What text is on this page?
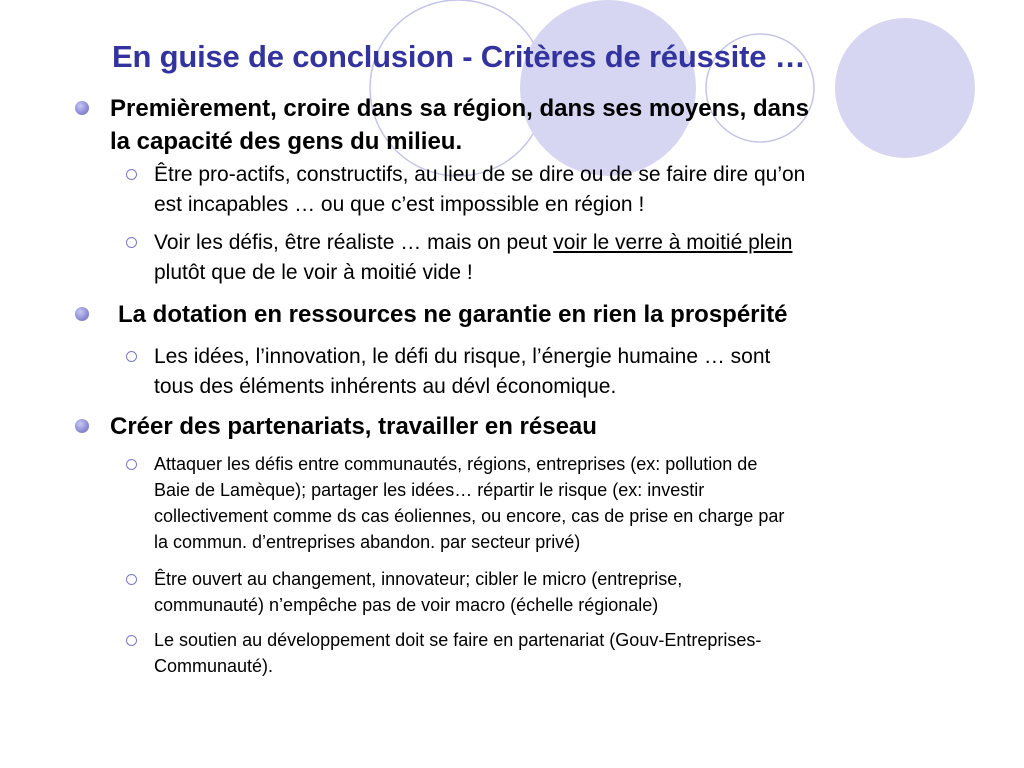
En guise de conclusion - Critères de réussite …
Premièrement, croire dans sa région, dans ses moyens, dans
la capacité des gens du milieu.
Être pro-actifs, constructifs, au lieu de se dire ou de se faire dire qu’on
est incapables … ou que c’est impossible en région !
Voir les défis, être réaliste … mais on peut voir le verre à moitié plein
plutôt que de le voir à moitié vide !
La dotation en ressources ne garantie en rien la prospérité
Les idées, l’innovation, le défi du risque, l’énergie humaine … sont
tous des éléments inhérents au dévl économique.
Créer des partenariats, travailler en réseau
Attaquer les défis entre communautés, régions, entreprises (ex: pollution de
Baie de Lamèque); partager les idées… répartir le risque (ex: investir
collectivement comme ds cas éoliennes, ou encore, cas de prise en charge par
la commun. d’entreprises abandon. par secteur privé)
Être ouvert au changement, innovateur; cibler le micro (entreprise,
communauté) n’empêche pas de voir macro (échelle régionale)
Le soutien au développement doit se faire en partenariat (Gouv-Entreprises-
Communauté).
